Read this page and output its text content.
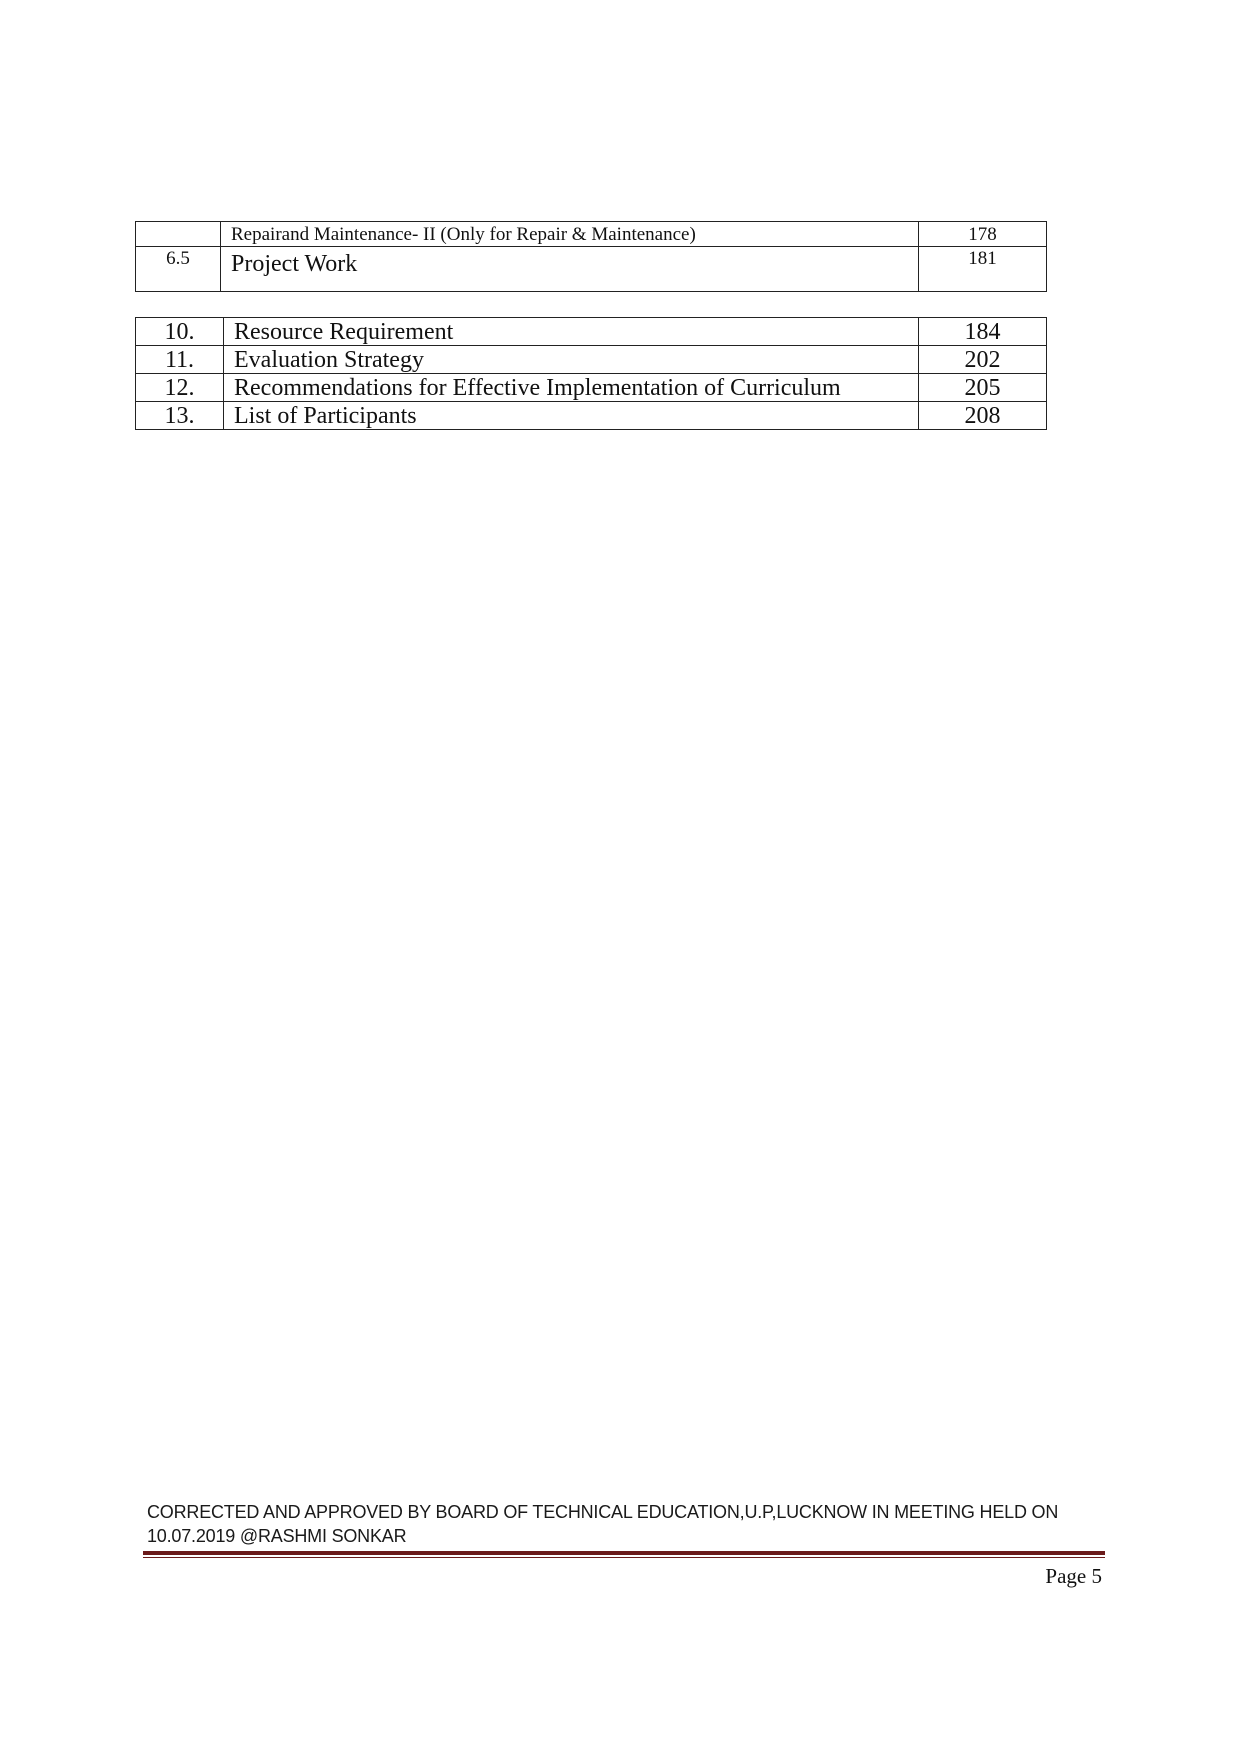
	Repairand Maintenance- II (Only for Repair & Maintenance)	178
6.5	Project Work	181
10.	Resource Requirement	184
11.	Evaluation Strategy	202
12.	Recommendations for Effective Implementation of Curriculum	205
13.	List of Participants	208
CORRECTED AND APPROVED BY BOARD OF TECHNICAL EDUCATION,U.P,LUCKNOW IN MEETING HELD ON
10.07.2019 @RASHMI SONKAR
Page 5
